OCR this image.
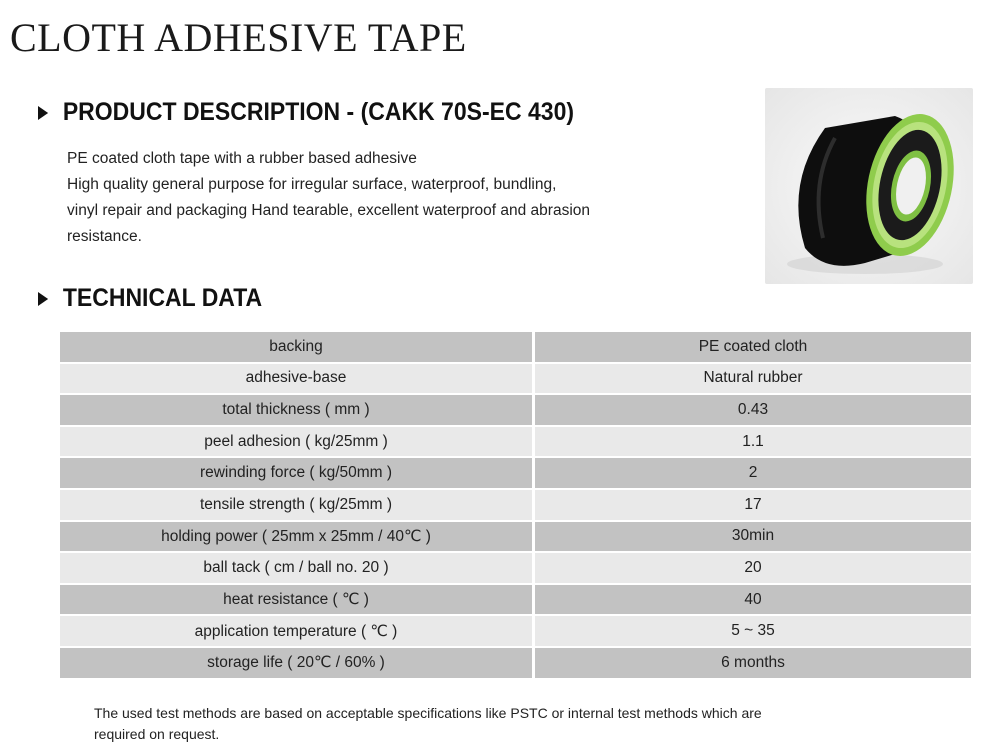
CLOTH ADHESIVE TAPE
PRODUCT DESCRIPTION - (CAKK 70S-EC 430)
PE coated cloth tape with a rubber based adhesive
High quality general purpose for irregular surface, waterproof, bundling,
vinyl repair and packaging Hand tearable, excellent waterproof and abrasion
resistance.
TECHNICAL DATA
backing	PE coated cloth
adhesive-base	Natural rubber
total thickness ( mm )	0.43
peel adhesion ( kg/25mm )	1.1
rewinding force ( kg/50mm )	2
tensile strength ( kg/25mm )	17
holding power ( 25mm x 25mm / 40℃ )	30min
ball tack ( cm / ball no. 20 )	20
heat resistance ( ℃ )	40
application temperature ( ℃ )	5 ~ 35
storage life ( 20℃ / 60% )	6 months
The used test methods are based on acceptable specifications like PSTC or internal test methods which are
required on request.
